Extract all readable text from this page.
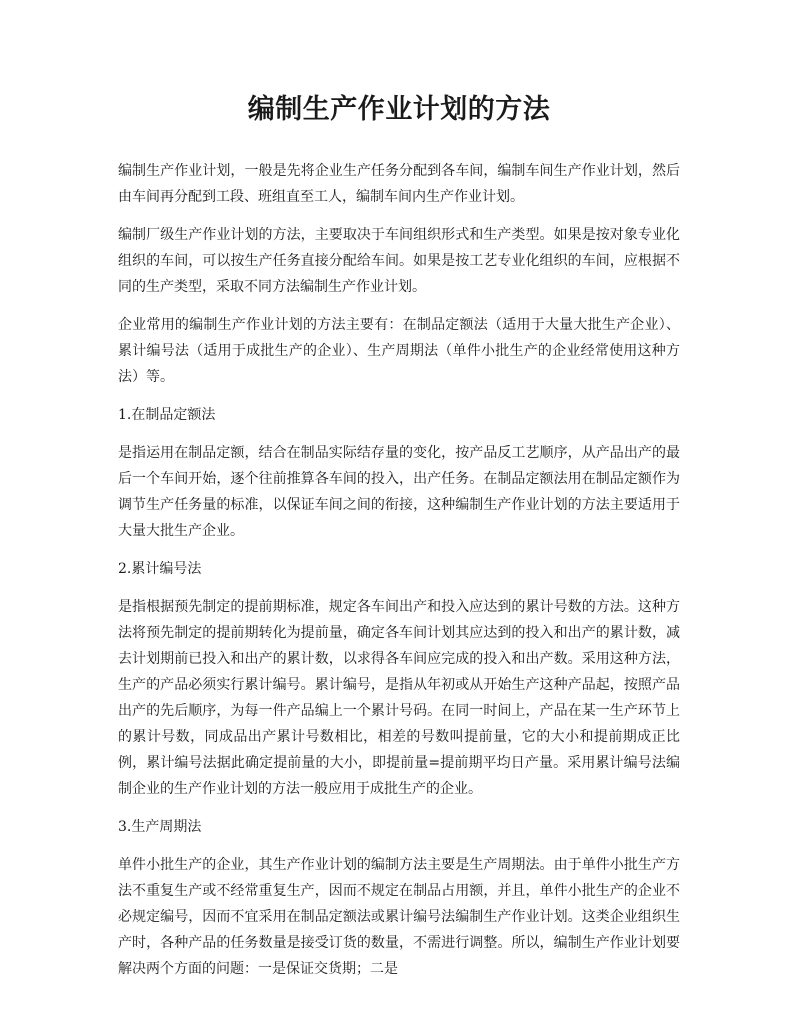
编制生产作业计划的方法

编制生产作业计划，一般是先将企业生产任务分配到各车间，编制车间生产作业计划，然后由车间再分配到工段、班组直至工人，编制车间内生产作业计划。

编制厂级生产作业计划的方法，主要取决于车间组织形式和生产类型。如果是按对象专业化组织的车间，可以按生产任务直接分配给车间。如果是按工艺专业化组织的车间，应根据不同的生产类型，采取不同方法编制生产作业计划。

企业常用的编制生产作业计划的方法主要有：在制品定额法（适用于大量大批生产企业）、累计编号法（适用于成批生产的企业）、生产周期法（单件小批生产的企业经常使用这种方法）等。

1.在制品定额法

是指运用在制品定额，结合在制品实际结存量的变化，按产品反工艺顺序，从产品出产的最后一个车间开始，逐个往前推算各车间的投入，出产任务。在制品定额法用在制品定额作为调节生产任务量的标准，以保证车间之间的衔接，这种编制生产作业计划的方法主要适用于大量大批生产企业。

2.累计编号法

是指根据预先制定的提前期标准，规定各车间出产和投入应达到的累计号数的方法。这种方法将预先制定的提前期转化为提前量，确定各车间计划其应达到的投入和出产的累计数，减去计划期前已投入和出产的累计数，以求得各车间应完成的投入和出产数。采用这种方法，生产的产品必须实行累计编号。累计编号，是指从年初或从开始生产这种产品起，按照产品出产的先后顺序，为每一件产品编上一个累计号码。在同一时间上，产品在某一生产环节上的累计号数，同成品出产累计号数相比，相差的号数叫提前量，它的大小和提前期成正比例，累计编号法据此确定提前量的大小，即提前量=提前期平均日产量。采用累计编号法编制企业的生产作业计划的方法一般应用于成批生产的企业。

3.生产周期法

单件小批生产的企业，其生产作业计划的编制方法主要是生产周期法。由于单件小批生产方法不重复生产或不经常重复生产，因而不规定在制品占用额，并且，单件小批生产的企业不必规定编号，因而不宜采用在制品定额法或累计编号法编制生产作业计划。这类企业组织生产时，各种产品的任务数量是接受订货的数量，不需进行调整。所以，编制生产作业计划要解决两个方面的问题：一是保证交货期；二是
